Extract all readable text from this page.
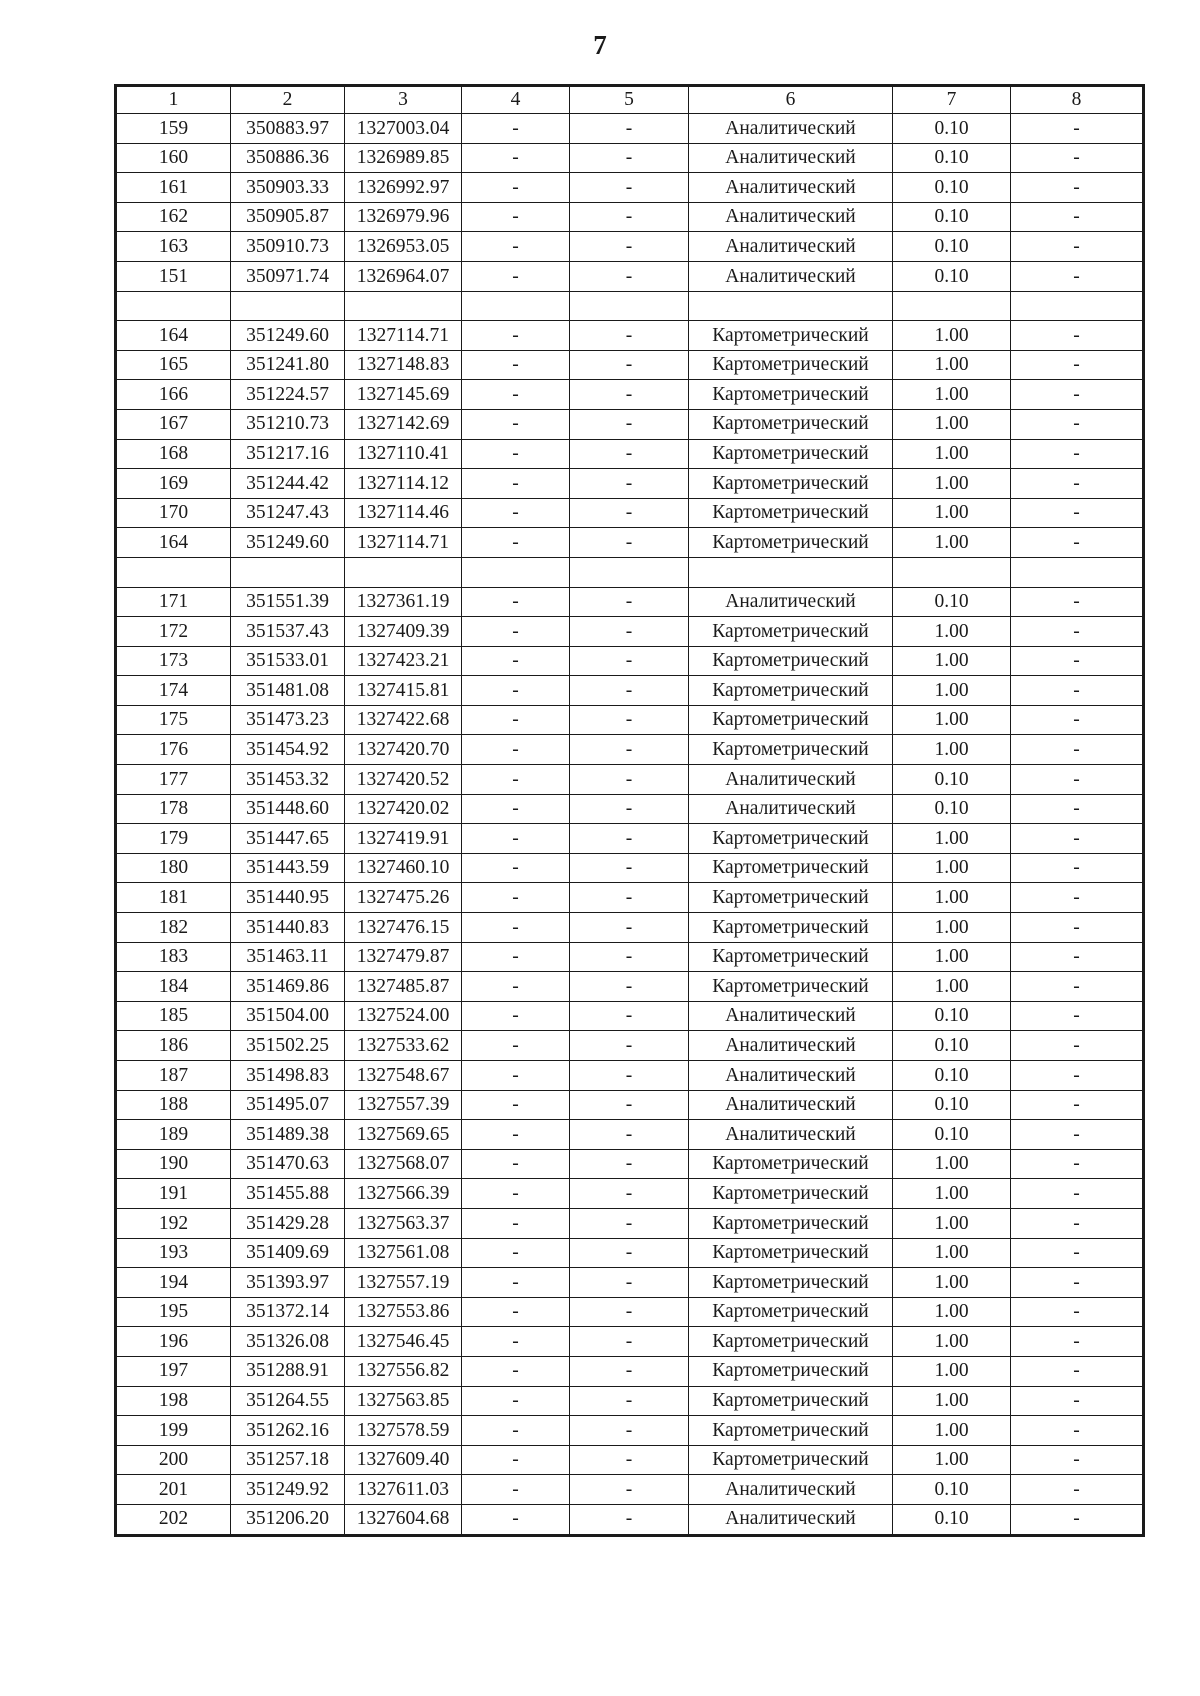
7
1	2	3	4	5	6	7	8
159	350883.97	1327003.04	-	-	Аналитический	0.10	-
160	350886.36	1326989.85	-	-	Аналитический	0.10	-
161	350903.33	1326992.97	-	-	Аналитический	0.10	-
162	350905.87	1326979.96	-	-	Аналитический	0.10	-
163	350910.73	1326953.05	-	-	Аналитический	0.10	-
151	350971.74	1326964.07	-	-	Аналитический	0.10	-

164	351249.60	1327114.71	-	-	Картометрический	1.00	-
165	351241.80	1327148.83	-	-	Картометрический	1.00	-
166	351224.57	1327145.69	-	-	Картометрический	1.00	-
167	351210.73	1327142.69	-	-	Картометрический	1.00	-
168	351217.16	1327110.41	-	-	Картометрический	1.00	-
169	351244.42	1327114.12	-	-	Картометрический	1.00	-
170	351247.43	1327114.46	-	-	Картометрический	1.00	-
164	351249.60	1327114.71	-	-	Картометрический	1.00	-

171	351551.39	1327361.19	-	-	Аналитический	0.10	-
172	351537.43	1327409.39	-	-	Картометрический	1.00	-
173	351533.01	1327423.21	-	-	Картометрический	1.00	-
174	351481.08	1327415.81	-	-	Картометрический	1.00	-
175	351473.23	1327422.68	-	-	Картометрический	1.00	-
176	351454.92	1327420.70	-	-	Картометрический	1.00	-
177	351453.32	1327420.52	-	-	Аналитический	0.10	-
178	351448.60	1327420.02	-	-	Аналитический	0.10	-
179	351447.65	1327419.91	-	-	Картометрический	1.00	-
180	351443.59	1327460.10	-	-	Картометрический	1.00	-
181	351440.95	1327475.26	-	-	Картометрический	1.00	-
182	351440.83	1327476.15	-	-	Картометрический	1.00	-
183	351463.11	1327479.87	-	-	Картометрический	1.00	-
184	351469.86	1327485.87	-	-	Картометрический	1.00	-
185	351504.00	1327524.00	-	-	Аналитический	0.10	-
186	351502.25	1327533.62	-	-	Аналитический	0.10	-
187	351498.83	1327548.67	-	-	Аналитический	0.10	-
188	351495.07	1327557.39	-	-	Аналитический	0.10	-
189	351489.38	1327569.65	-	-	Аналитический	0.10	-
190	351470.63	1327568.07	-	-	Картометрический	1.00	-
191	351455.88	1327566.39	-	-	Картометрический	1.00	-
192	351429.28	1327563.37	-	-	Картометрический	1.00	-
193	351409.69	1327561.08	-	-	Картометрический	1.00	-
194	351393.97	1327557.19	-	-	Картометрический	1.00	-
195	351372.14	1327553.86	-	-	Картометрический	1.00	-
196	351326.08	1327546.45	-	-	Картометрический	1.00	-
197	351288.91	1327556.82	-	-	Картометрический	1.00	-
198	351264.55	1327563.85	-	-	Картометрический	1.00	-
199	351262.16	1327578.59	-	-	Картометрический	1.00	-
200	351257.18	1327609.40	-	-	Картометрический	1.00	-
201	351249.92	1327611.03	-	-	Аналитический	0.10	-
202	351206.20	1327604.68	-	-	Аналитический	0.10	-
